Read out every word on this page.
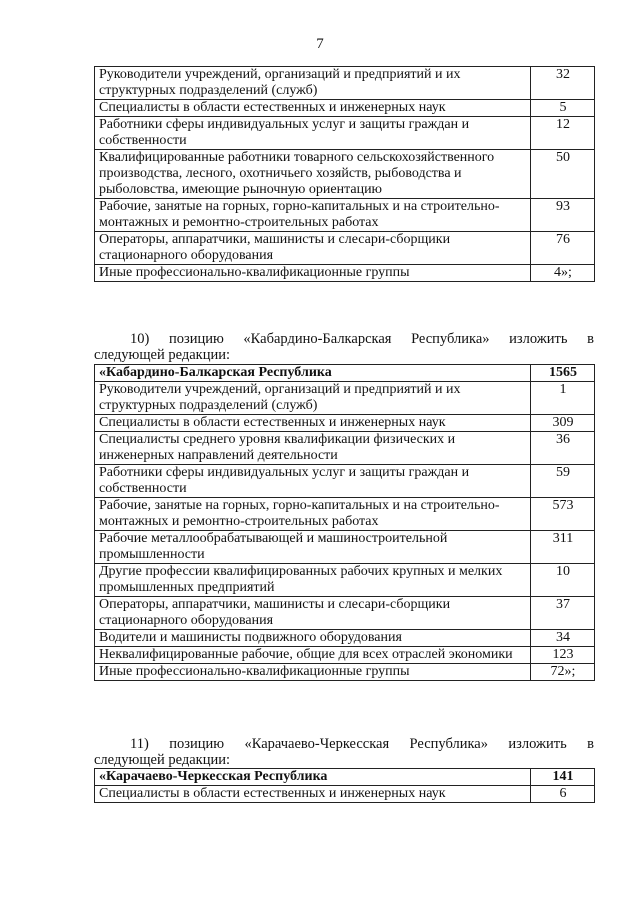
7
Руководители учреждений, организаций и предприятий и их структурных подразделений (служб)	32
Специалисты в области естественных и инженерных наук	5
Работники сферы индивидуальных услуг и защиты граждан и собственности	12
Квалифицированные работники товарного сельскохозяйственного производства, лесного, охотничьего хозяйств, рыбоводства и рыболовства, имеющие рыночную ориентацию	50
Рабочие, занятые на горных, горно-капитальных и на строительно-монтажных и ремонтно-строительных работах	93
Операторы, аппаратчики, машинисты и слесари-сборщики стационарного оборудования	76
Иные профессионально-квалификационные группы	4»;
10) позицию «Кабардино-Балкарская Республика» изложить в
следующей редакции:
«Кабардино-Балкарская Республика	1565
Руководители учреждений, организаций и предприятий и их структурных подразделений (служб)	1
Специалисты в области естественных и инженерных наук	309
Специалисты среднего уровня квалификации физических и инженерных направлений деятельности	36
Работники сферы индивидуальных услуг и защиты граждан и собственности	59
Рабочие, занятые на горных, горно-капитальных и на строительно-монтажных и ремонтно-строительных работах	573
Рабочие металлообрабатывающей и машиностроительной промышленности	311
Другие профессии квалифицированных рабочих крупных и мелких промышленных предприятий	10
Операторы, аппаратчики, машинисты и слесари-сборщики стационарного оборудования	37
Водители и машинисты подвижного оборудования	34
Неквалифицированные рабочие, общие для всех отраслей экономики	123
Иные профессионально-квалификационные группы	72»;
11) позицию «Карачаево-Черкесская Республика» изложить в
следующей редакции:
«Карачаево-Черкесская Республика	141
Специалисты в области естественных и инженерных наук	6
